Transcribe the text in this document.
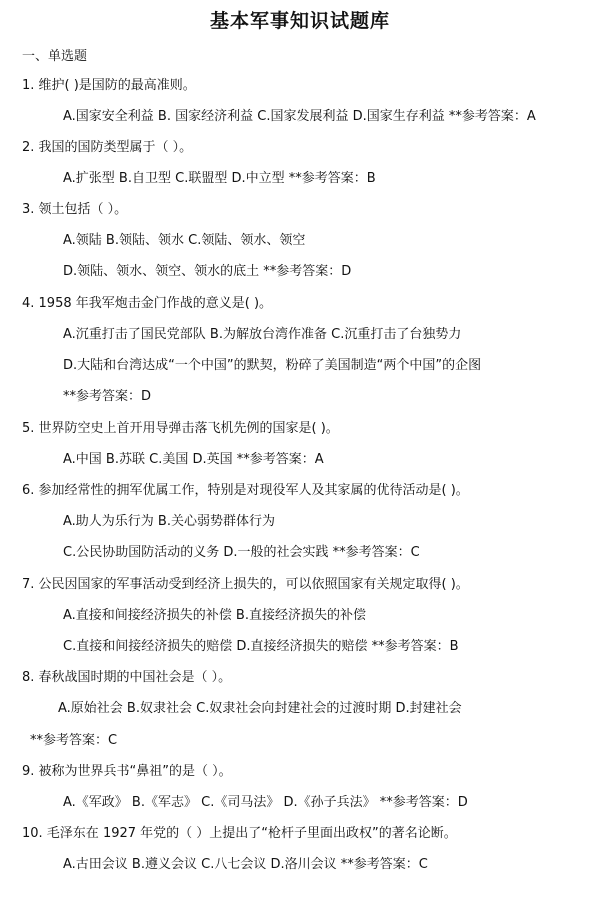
基本军事知识试题库
一、单选题
1. 维护( )是国防的最高准则。
A.国家安全利益 B. 国家经济利益 C.国家发展利益 D.国家生存利益 **参考答案：A
2. 我国的国防类型属于（ ）。
A.扩张型 B.自卫型 C.联盟型 D.中立型 **参考答案：B
3. 领土包括（ ）。
A.领陆 B.领陆、领水 C.领陆、领水、领空
D.领陆、领水、领空、领水的底土 **参考答案：D
4. 1958 年我军炮击金门作战的意义是( )。
A.沉重打击了国民党部队 B.为解放台湾作准备 C.沉重打击了台独势力
D.大陆和台湾达成“一个中国”的默契，粉碎了美国制造“两个中国”的企图
**参考答案：D
5. 世界防空史上首开用导弹击落飞机先例的国家是( )。
A.中国 B.苏联 C.美国 D.英国 **参考答案：A
6. 参加经常性的拥军优属工作，特别是对现役军人及其家属的优待活动是( )。
A.助人为乐行为 B.关心弱势群体行为
C.公民协助国防活动的义务 D.一般的社会实践 **参考答案：C
7. 公民因国家的军事活动受到经济上损失的，可以依照国家有关规定取得( )。
A.直接和间接经济损失的补偿 B.直接经济损失的补偿
C.直接和间接经济损失的赔偿 D.直接经济损失的赔偿 **参考答案：B
8. 春秋战国时期的中国社会是（ ）。
A.原始社会 B.奴隶社会 C.奴隶社会向封建社会的过渡时期 D.封建社会
**参考答案：C
9. 被称为世界兵书“鼻祖”的是（ ）。
A.《军政》 B.《军志》 C.《司马法》 D.《孙子兵法》 **参考答案：D
10. 毛泽东在 1927 年党的（ ）上提出了“枪杆子里面出政权”的著名论断。
A.古田会议 B.遵义会议 C.八七会议 D.洛川会议 **参考答案：C
